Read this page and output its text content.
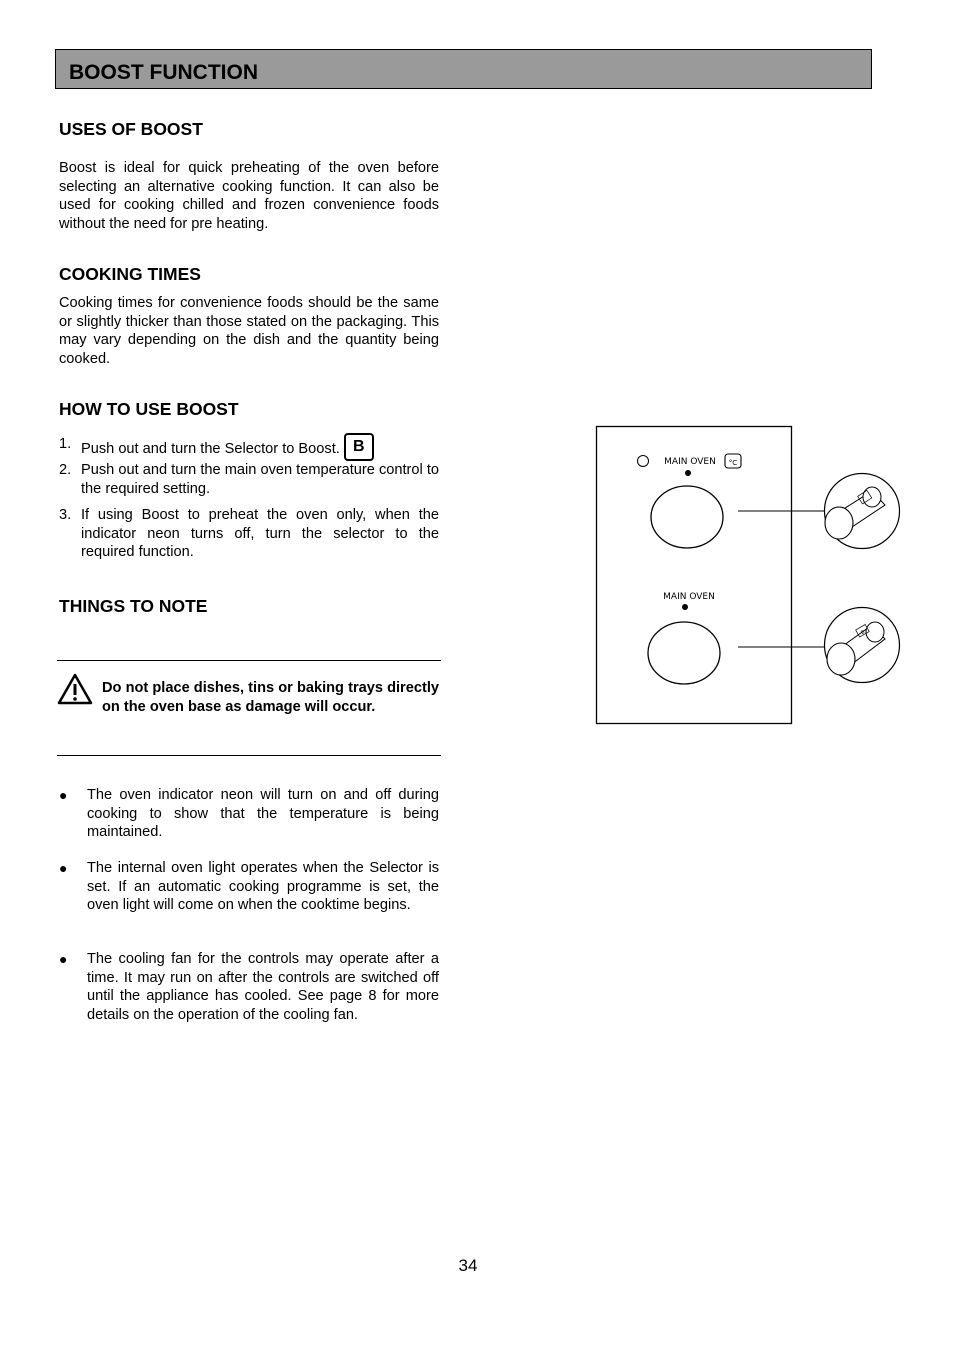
BOOST FUNCTION
USES OF BOOST
Boost is ideal for quick preheating of the oven before selecting an alternative cooking function. It can also be used for cooking chilled and frozen convenience foods without the need for pre heating.
COOKING TIMES
Cooking times for convenience foods should be the same or slightly thicker than those stated on the packaging. This may vary depending on the dish and the quantity being cooked.
HOW TO USE BOOST
1. Push out and turn the Selector to Boost. B
2. Push out and turn the main oven temperature control to the required setting.
3. If using Boost to preheat the oven only, when the indicator neon turns off, turn the selector to the required function.
THINGS TO NOTE
Do not place dishes, tins or baking trays directly on the oven base as damage will occur.
● The oven indicator neon will turn on and off during cooking to show that the temperature is being maintained.
● The internal oven light operates when the Selector is set. If an automatic cooking programme is set, the oven light will come on when the cooktime begins.
● The cooling fan for the controls may operate after a time. It may run on after the controls are switched off until the appliance has cooled. See page 8 for more details on the operation of the cooling fan.
MAIN OVEN °C
MAIN OVEN
B
34
